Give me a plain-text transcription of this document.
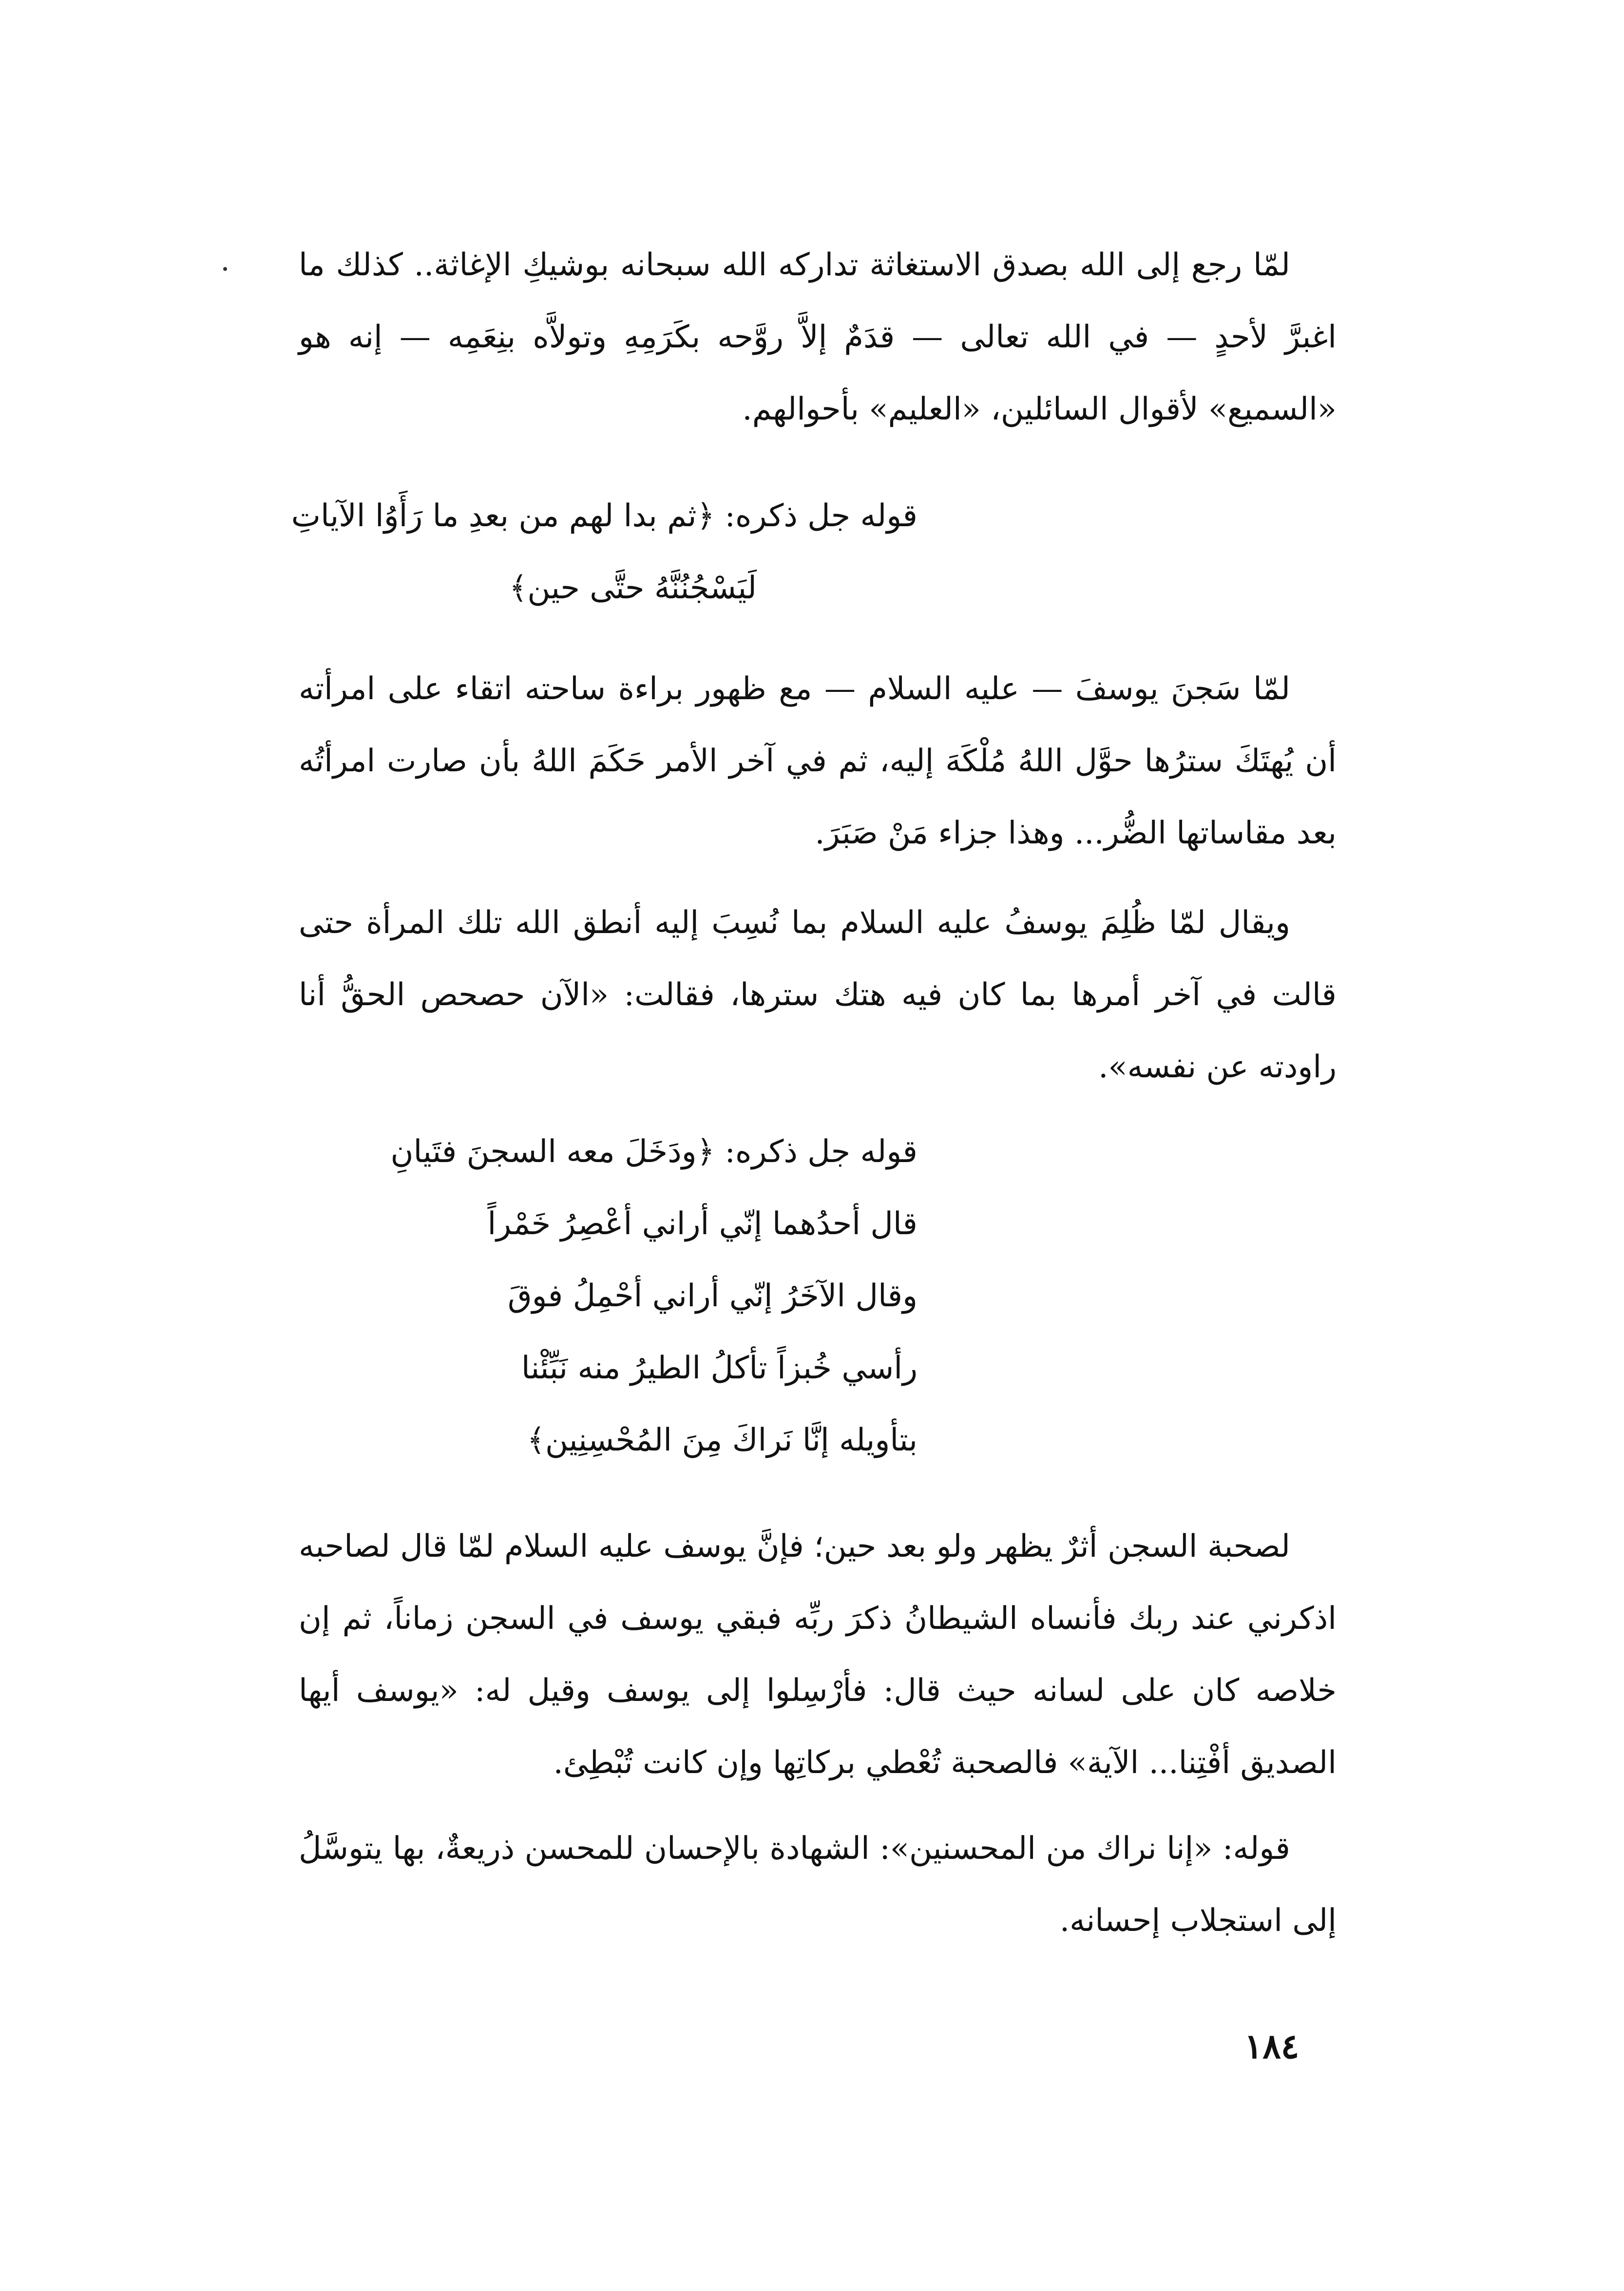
لمّا رجع إلى الله بصدق الاستغاثة تداركه الله سبحانه بوشيكِ الإغاثة.. كذلك ما اغبرَّ لأحدٍ — في الله تعالى — قدَمٌ إلاَّ روَّحه بكَرَمِهِ وتولاَّه بنِعَمِه — إنه هو «السميع» لأقوال السائلين، «العليم» بأحوالهم.

قوله جل ذكره: ﴿ثم بدا لهم من بعدِ ما رَأَوُا الآياتِ
لَيَسْجُنُنَّهُ حتَّى حين﴾

لمّا سَجنَ يوسفَ — عليه السلام — مع ظهور براءة ساحته اتقاء على امرأته أن يُهتَكَ سترُها حوَّل اللهُ مُلْكَهَ إليه، ثم في آخر الأمر حَكَمَ اللهُ بأن صارت امرأتُه بعد مقاساتها الضُّر... وهذا جزاء مَنْ صَبَرَ.

ويقال لمّا ظُلِمَ يوسفُ عليه السلام بما نُسِبَ إليه أنطق الله تلك المرأة حتى قالت في آخر أمرها بما كان فيه هتك سترها، فقالت: «الآن حصحص الحقُّ أنا راودته عن نفسه».

قوله جل ذكره: ﴿ودَخَلَ معه السجنَ فتَيانِ
قال أحدُهما إنّي أراني أعْصِرُ خَمْراً
وقال الآخَرُ إنّي أراني أحْمِلُ فوقَ
رأسي خُبزاً تأكلُ الطيرُ منه نَبِّئْنا
بتأويله إنَّا نَراكَ مِنَ المُحْسِنِين﴾

لصحبة السجن أثرٌ يظهر ولو بعد حين؛ فإنَّ يوسف عليه السلام لمّا قال لصاحبه اذكرني عند ربك فأنساه الشيطانُ ذكرَ ربِّه فبقي يوسف في السجن زماناً، ثم إن خلاصه كان على لسانه حيث قال: فأرْسِلوا إلى يوسف وقيل له: «يوسف أيها الصديق أفْتِنا... الآية» فالصحبة تُعْطي بركاتِها وإن كانت تُبْطِئ.

قوله: «إنا نراك من المحسنين»: الشهادة بالإحسان للمحسن ذريعةٌ، بها يتوسَّلُ إلى استجلاب إحسانه.

١٨٤
